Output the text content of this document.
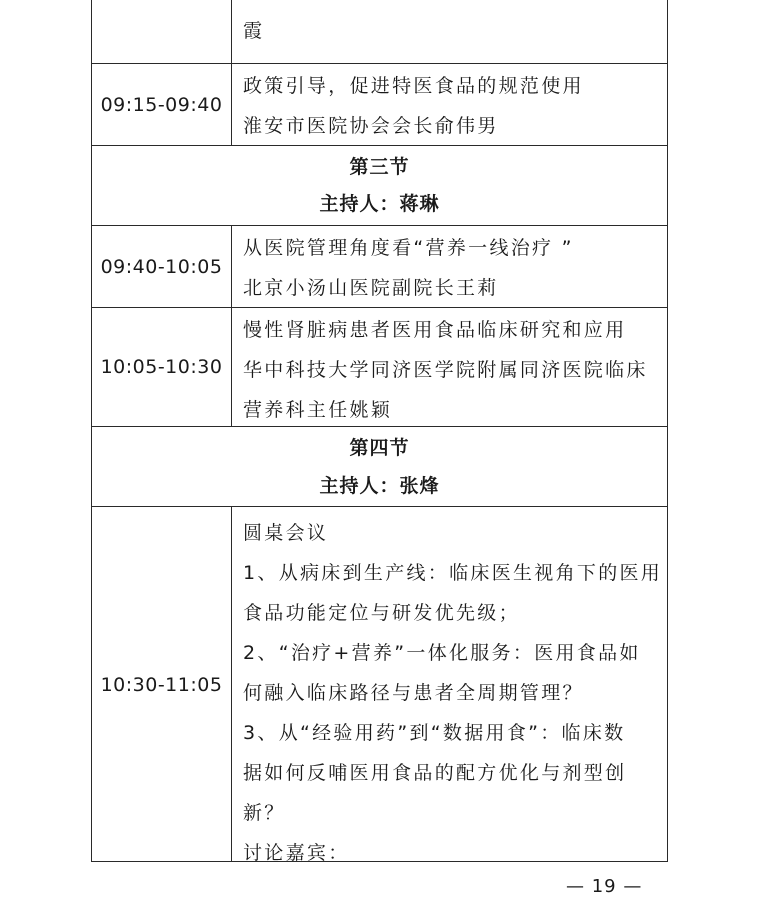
霞
09:15-09:40
政策引导，促进特医食品的规范使用
淮安市医院协会会长俞伟男
第三节
主持人：蒋琳
09:40-10:05
从医院管理角度看“营养一线治疗 ”
北京小汤山医院副院长王莉
10:05-10:30
慢性肾脏病患者医用食品临床研究和应用
华中科技大学同济医学院附属同济医院临床
营养科主任姚颖
第四节
主持人：张烽
10:30-11:05
圆桌会议
1、从病床到生产线：临床医生视角下的医用
食品功能定位与研发优先级；
2、“治疗+营养”一体化服务：医用食品如
何融入临床路径与患者全周期管理？
3、从“经验用药”到“数据用食”：临床数
据如何反哺医用食品的配方优化与剂型创
新？
讨论嘉宾：
— 19 —
